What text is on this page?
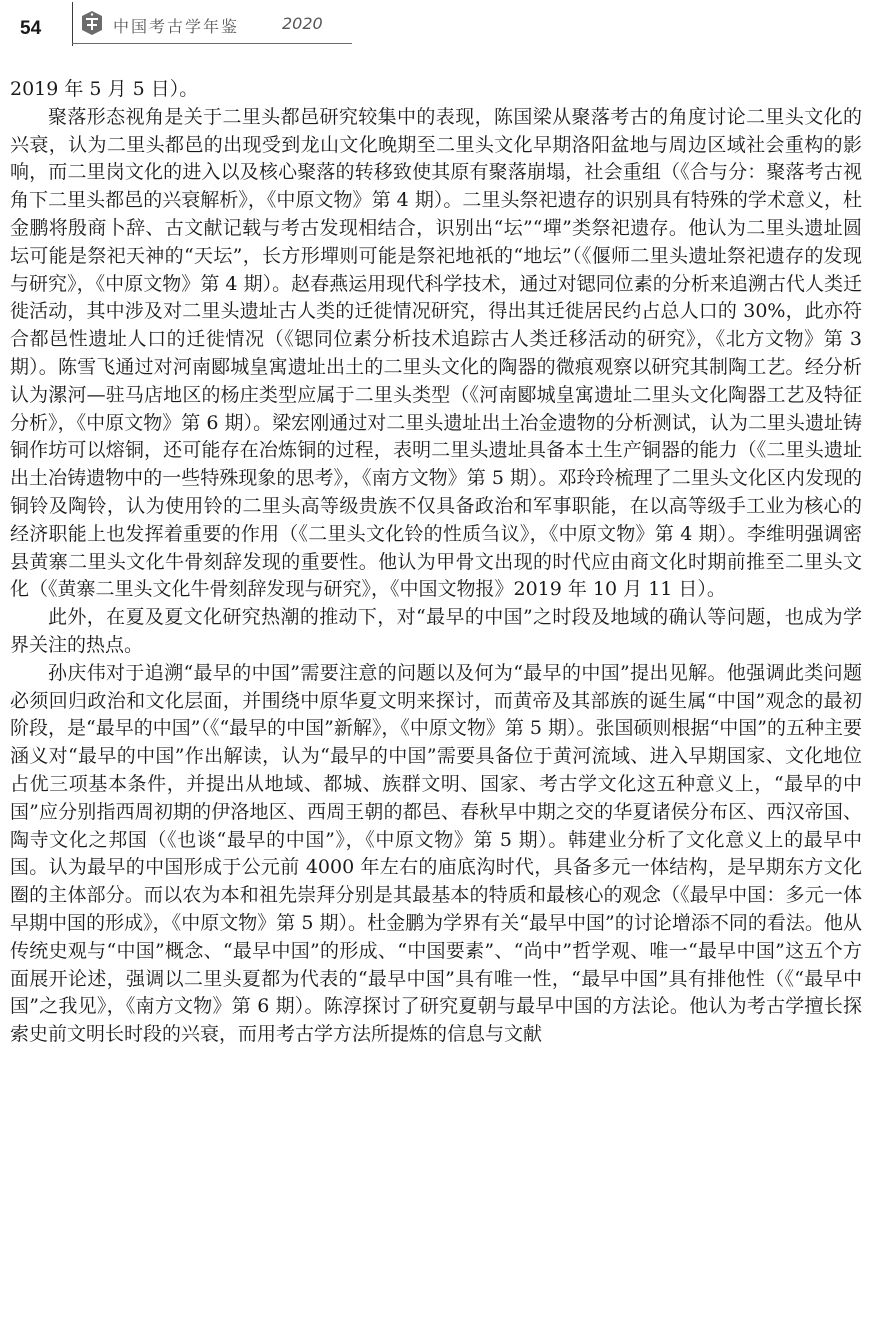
54	中国考古学年鉴	2020

2019 年 5 月 5 日）。

聚落形态视角是关于二里头都邑研究较集中的表现，陈国梁从聚落考古的角度讨论二里头文化的兴衰，认为二里头都邑的出现受到龙山文化晚期至二里头文化早期洛阳盆地与周边区域社会重构的影响，而二里岗文化的进入以及核心聚落的转移致使其原有聚落崩塌，社会重组（《合与分：聚落考古视角下二里头都邑的兴衰解析》，《中原文物》第 4 期）。二里头祭祀遗存的识别具有特殊的学术意义，杜金鹏将殷商卜辞、古文献记载与考古发现相结合，识别出“坛”“墠”类祭祀遗存。他认为二里头遗址圆坛可能是祭祀天神的“天坛”，长方形墠则可能是祭祀地祇的“地坛”（《偃师二里头遗址祭祀遗存的发现与研究》，《中原文物》第 4 期）。赵春燕运用现代科学技术，通过对锶同位素的分析来追溯古代人类迁徙活动，其中涉及对二里头遗址古人类的迁徙情况研究，得出其迁徙居民约占总人口的 30%，此亦符合都邑性遗址人口的迁徙情况（《锶同位素分析技术追踪古人类迁移活动的研究》，《北方文物》第 3 期）。陈雪飞通过对河南郾城皇寓遗址出土的二里头文化的陶器的微痕观察以研究其制陶工艺。经分析认为漯河—驻马店地区的杨庄类型应属于二里头类型（《河南郾城皇寓遗址二里头文化陶器工艺及特征分析》，《中原文物》第 6 期）。梁宏刚通过对二里头遗址出土冶金遗物的分析测试，认为二里头遗址铸铜作坊可以熔铜，还可能存在冶炼铜的过程，表明二里头遗址具备本土生产铜器的能力（《二里头遗址出土冶铸遗物中的一些特殊现象的思考》，《南方文物》第 5 期）。邓玲玲梳理了二里头文化区内发现的铜铃及陶铃，认为使用铃的二里头高等级贵族不仅具备政治和军事职能，在以高等级手工业为核心的经济职能上也发挥着重要的作用（《二里头文化铃的性质刍议》，《中原文物》第 4 期）。李维明强调密县黄寨二里头文化牛骨刻辞发现的重要性。他认为甲骨文出现的时代应由商文化时期前推至二里头文化（《黄寨二里头文化牛骨刻辞发现与研究》，《中国文物报》2019 年 10 月 11 日）。

此外，在夏及夏文化研究热潮的推动下，对“最早的中国”之时段及地域的确认等问题，也成为学界关注的热点。

孙庆伟对于追溯“最早的中国”需要注意的问题以及何为“最早的中国”提出见解。他强调此类问题必须回归政治和文化层面，并围绕中原华夏文明来探讨，而黄帝及其部族的诞生属“中国”观念的最初阶段，是“最早的中国”（《“最早的中国”新解》，《中原文物》第 5 期）。张国硕则根据“中国”的五种主要涵义对“最早的中国”作出解读，认为“最早的中国”需要具备位于黄河流域、进入早期国家、文化地位占优三项基本条件，并提出从地域、都城、族群文明、国家、考古学文化这五种意义上，“最早的中国”应分别指西周初期的伊洛地区、西周王朝的都邑、春秋早中期之交的华夏诸侯分布区、西汉帝国、陶寺文化之邦国（《也谈“最早的中国”》，《中原文物》第 5 期）。韩建业分析了文化意义上的最早中国。认为最早的中国形成于公元前 4000 年左右的庙底沟时代，具备多元一体结构，是早期东方文化圈的主体部分。而以农为本和祖先崇拜分别是其最基本的特质和最核心的观念（《最早中国：多元一体早期中国的形成》，《中原文物》第 5 期）。杜金鹏为学界有关“最早中国”的讨论增添不同的看法。他从传统史观与“中国”概念、“最早中国”的形成、“中国要素”、“尚中”哲学观、唯一“最早中国”这五个方面展开论述，强调以二里头夏都为代表的“最早中国”具有唯一性，“最早中国”具有排他性（《“最早中国”之我见》，《南方文物》第 6 期）。陈淳探讨了研究夏朝与最早中国的方法论。他认为考古学擅长探索史前文明长时段的兴衰，而用考古学方法所提炼的信息与文献
